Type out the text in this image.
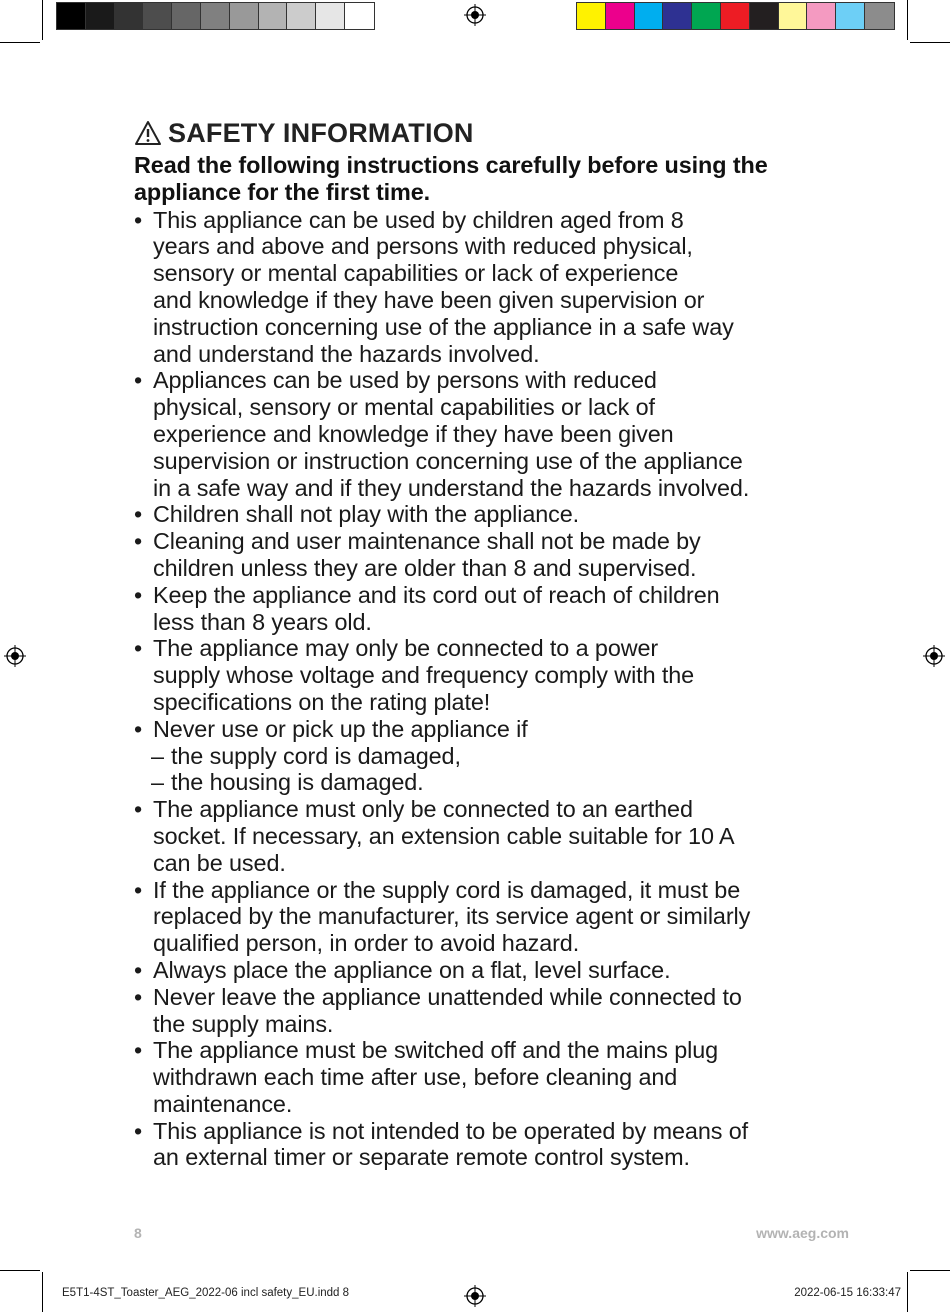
SAFETY INFORMATION
Read the following instructions carefully before using the appliance for the first time.
• This appliance can be used by children aged from 8
years and above and persons with reduced physical,
sensory or mental capabilities or lack of experience
and knowledge if they have been given supervision or
instruction concerning use of the appliance in a safe way
and understand the hazards involved.
• Appliances can be used by persons with reduced
physical, sensory or mental capabilities or lack of
experience and knowledge if they have been given
supervision or instruction concerning use of the appliance
in a safe way and if they understand the hazards involved.
• Children shall not play with the appliance.
• Cleaning and user maintenance shall not be made by
children unless they are older than 8 and supervised.
• Keep the appliance and its cord out of reach of children
less than 8 years old.
• The appliance may only be connected to a power
supply whose voltage and frequency comply with the
specifications on the rating plate!
• Never use or pick up the appliance if
– the supply cord is damaged,
– the housing is damaged.
• The appliance must only be connected to an earthed
socket. If necessary, an extension cable suitable for 10 A
can be used.
• If the appliance or the supply cord is damaged, it must be
replaced by the manufacturer, its service agent or similarly
qualified person, in order to avoid hazard.
• Always place the appliance on a flat, level surface.
• Never leave the appliance unattended while connected to
the supply mains.
• The appliance must be switched off and the mains plug
withdrawn each time after use, before cleaning and
maintenance.
• This appliance is not intended to be operated by means of
an external timer or separate remote control system.
8	www.aeg.com
E5T1-4ST_Toaster_AEG_2022-06 incl safety_EU.indd 8	2022-06-15 16:33:47
